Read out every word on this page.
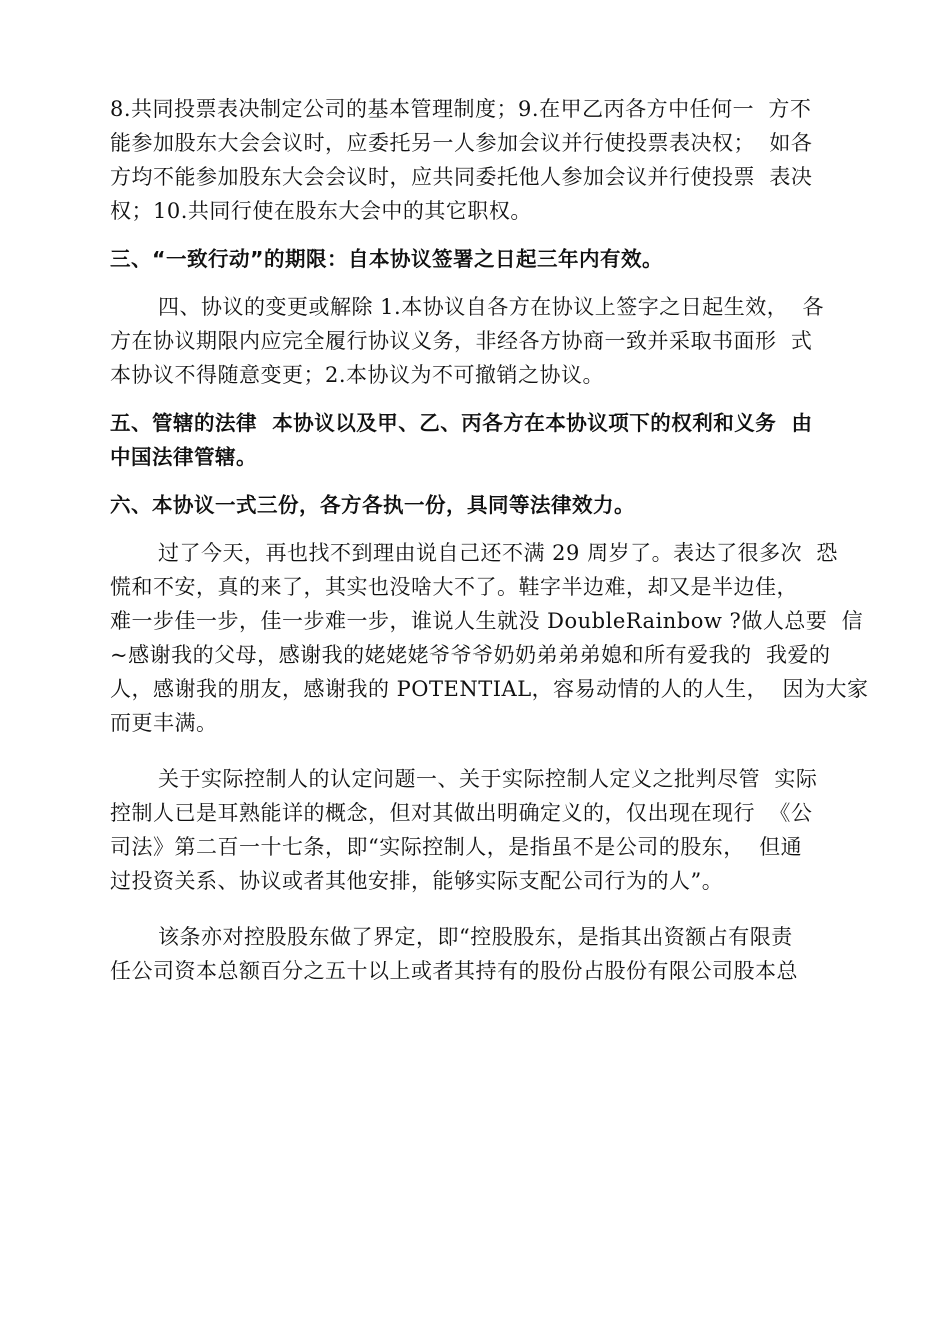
8.共同投票表决制定公司的基本管理制度；9.在甲乙丙各方中任何一  方不
能参加股东大会会议时，应委托另一人参加会议并行使投票表决权；  如各
方均不能参加股东大会会议时，应共同委托他人参加会议并行使投票  表决
权；10.共同行使在股东大会中的其它职权。
三、“一致行动”的期限：自本协议签署之日起三年内有效。
四、协议的变更或解除 1.本协议自各方在协议上签字之日起生效，  各
方在协议期限内应完全履行协议义务，非经各方协商一致并采取书面形  式
本协议不得随意变更；2.本协议为不可撤销之协议。
五、管辖的法律  本协议以及甲、乙、丙各方在本协议项下的权利和义务  由
中国法律管辖。
六、本协议一式三份，各方各执一份，具同等法律效力。
过了今天，再也找不到理由说自己还不满 29 周岁了。表达了很多次  恐
慌和不安，真的来了，其实也没啥大不了。鞋字半边难，却又是半边佳，
难一步佳一步，佳一步难一步，谁说人生就没 DoubleRainbow ?做人总要  信
~感谢我的父母，感谢我的姥姥姥爷爷爷奶奶弟弟弟媳和所有爱我的  我爱的
人，感谢我的朋友，感谢我的 POTENTIAL，容易动情的人的人生，  因为大家
而更丰满。
关于实际控制人的认定问题一、关于实际控制人定义之批判尽管  实际
控制人已是耳熟能详的概念，但对其做出明确定义的，仅出现在现行  《公
司法》第二百一十七条，即“实际控制人，是指虽不是公司的股东，  但通
过投资关系、协议或者其他安排，能够实际支配公司行为的人”。
该条亦对控股股东做了界定，即“控股股东，是指其出资额占有限责
任公司资本总额百分之五十以上或者其持有的股份占股份有限公司股本总
